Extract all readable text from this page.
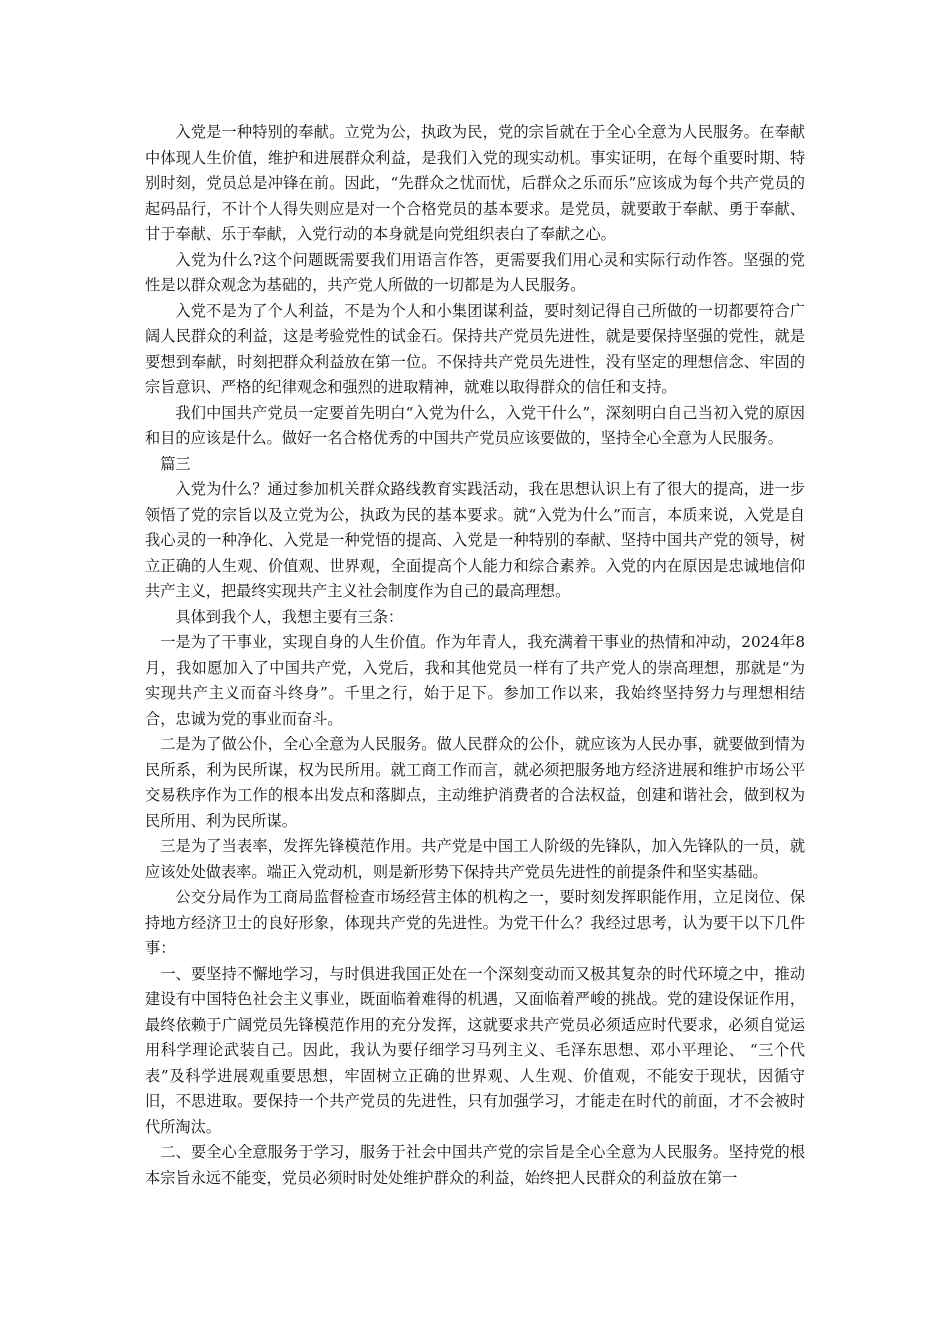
入党是一种特别的奉献。立党为公，执政为民，党的宗旨就在于全心全意为人民服务。在奉献中体现人生价值，维护和进展群众利益，是我们入党的现实动机。事实证明，在每个重要时期、特别时刻，党员总是冲锋在前。因此，“先群众之忧而忧，后群众之乐而乐”应该成为每个共产党员的起码品行，不计个人得失则应是对一个合格党员的基本要求。是党员，就要敢于奉献、勇于奉献、甘于奉献、乐于奉献，入党行动的本身就是向党组织表白了奉献之心。

入党为什么?这个问题既需要我们用语言作答，更需要我们用心灵和实际行动作答。坚强的党性是以群众观念为基础的，共产党人所做的一切都是为人民服务。

入党不是为了个人利益，不是为个人和小集团谋利益，要时刻记得自己所做的一切都要符合广阔人民群众的利益，这是考验党性的试金石。保持共产党员先进性，就是要保持坚强的党性，就是要想到奉献，时刻把群众利益放在第一位。不保持共产党员先进性，没有坚定的理想信念、牢固的宗旨意识、严格的纪律观念和强烈的进取精神，就难以取得群众的信任和支持。

我们中国共产党员一定要首先明白“入党为什么，入党干什么”，深刻明白自己当初入党的原因和目的应该是什么。做好一名合格优秀的中国共产党员应该要做的，坚持全心全意为人民服务。

篇三

入党为什么？通过参加机关群众路线教育实践活动，我在思想认识上有了很大的提高，进一步领悟了党的宗旨以及立党为公，执政为民的基本要求。就“入党为什么”而言，本质来说，入党是自我心灵的一种净化、入党是一种党悟的提高、入党是一种特别的奉献、坚持中国共产党的领导，树立正确的人生观、价值观、世界观，全面提高个人能力和综合素养。入党的内在原因是忠诚地信仰共产主义，把最终实现共产主义社会制度作为自己的最高理想。

具体到我个人，我想主要有三条：

一是为了干事业，实现自身的人生价值。作为年青人，我充满着干事业的热情和冲动，2024年8月，我如愿加入了中国共产党，入党后，我和其他党员一样有了共产党人的崇高理想，那就是“为实现共产主义而奋斗终身”。千里之行，始于足下。参加工作以来，我始终坚持努力与理想相结合，忠诚为党的事业而奋斗。

二是为了做公仆，全心全意为人民服务。做人民群众的公仆，就应该为人民办事，就要做到情为民所系，利为民所谋，权为民所用。就工商工作而言，就必须把服务地方经济进展和维护市场公平交易秩序作为工作的根本出发点和落脚点，主动维护消费者的合法权益，创建和谐社会，做到权为民所用、利为民所谋。

三是为了当表率，发挥先锋模范作用。共产党是中国工人阶级的先锋队，加入先锋队的一员，就应该处处做表率。端正入党动机，则是新形势下保持共产党员先进性的前提条件和坚实基础。

公交分局作为工商局监督检查市场经营主体的机构之一，要时刻发挥职能作用，立足岗位、保持地方经济卫士的良好形象，体现共产党的先进性。为党干什么？我经过思考，认为要干以下几件事：

一、要坚持不懈地学习，与时俱进我国正处在一个深刻变动而又极其复杂的时代环境之中，推动建设有中国特色社会主义事业，既面临着难得的机遇，又面临着严峻的挑战。党的建设保证作用，最终依赖于广阔党员先锋模范作用的充分发挥，这就要求共产党员必须适应时代要求，必须自觉运用科学理论武装自己。因此，我认为要仔细学习马列主义、毛泽东思想、邓小平理论、 “三个代表”及科学进展观重要思想，牢固树立正确的世界观、人生观、价值观，不能安于现状，因循守旧，不思进取。要保持一个共产党员的先进性，只有加强学习，才能走在时代的前面，才不会被时代所淘汰。

二、要全心全意服务于学习，服务于社会中国共产党的宗旨是全心全意为人民服务。坚持党的根本宗旨永远不能变，党员必须时时处处维护群众的利益，始终把人民群众的利益放在第一
